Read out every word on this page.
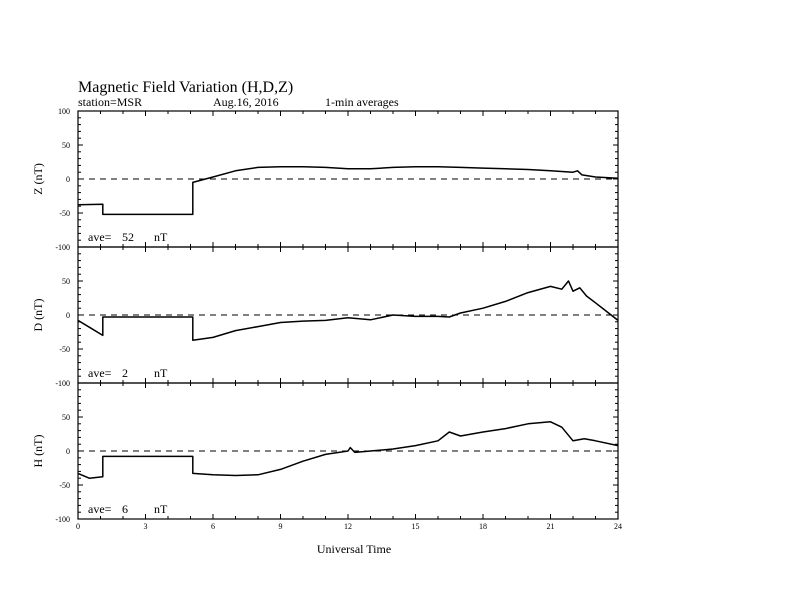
Magnetic Field Variation (H,D,Z)
station=MSR	Aug.16, 2016	1-min averages
100
50
0
-50
-100
Z (nT)
ave= 52 nT
50
0
-50
-100
D (nT)
ave= 2 nT
50
0
-50
-100
H (nT)
ave= 6 nT
0	3	6	9	12	15	18	21	24
Universal Time
